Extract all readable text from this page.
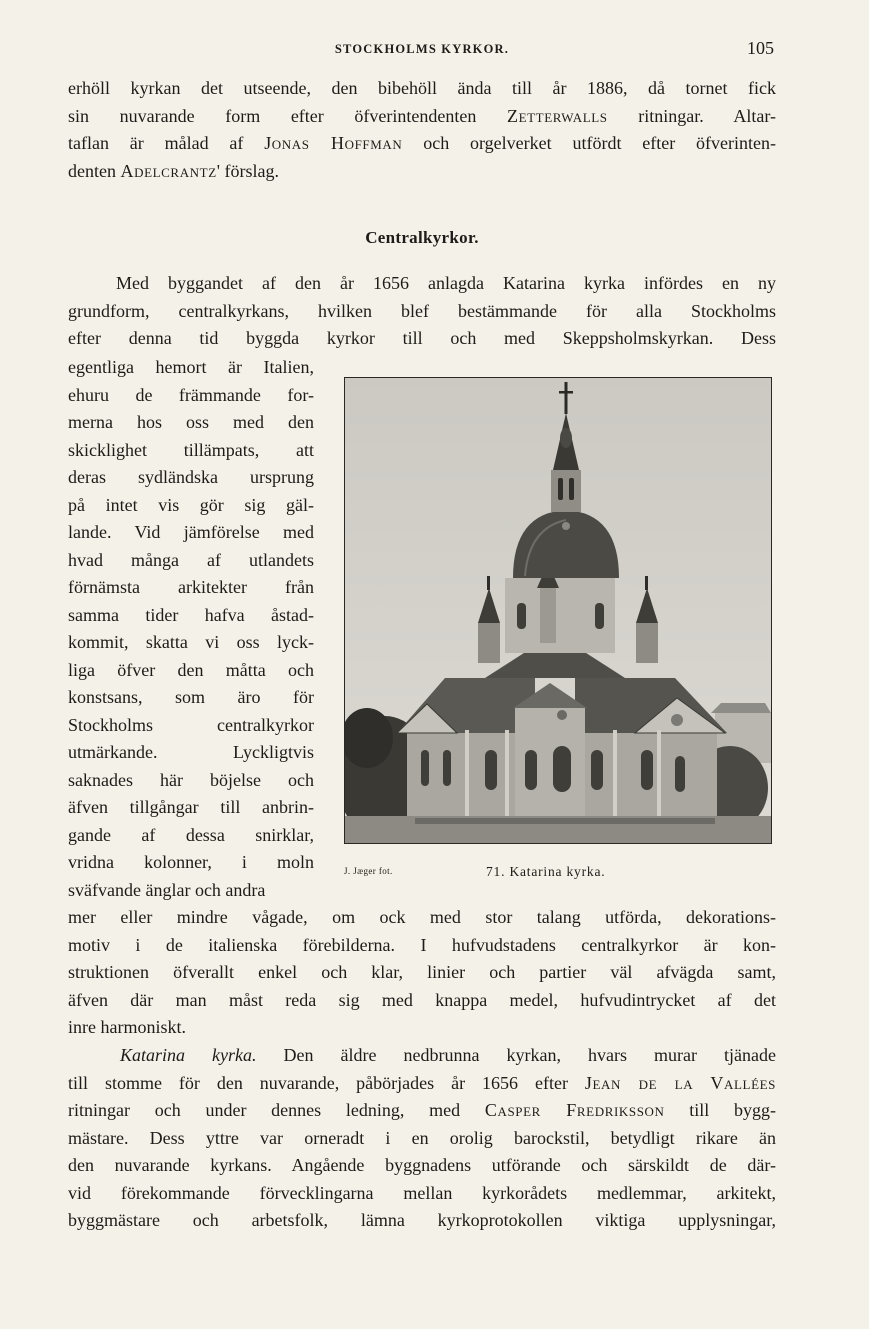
STOCKHOLMS KYRKOR.	105
erhöll kyrkan det utseende, den bibehöll ända till år 1886, då tornet fick
sin nuvarande form efter öfverintendenten Zetterwalls ritningar. Altar-
taflan är målad af Jonas Hoffman och orgelverket utfördt efter öfverinten-
denten Adelcrantz' förslag.
Centralkyrkor.
Med byggandet af den år 1656 anlagda Katarina kyrka infördes en ny
grundform, centralkyrkans, hvilken blef bestämmande för alla Stockholms
efter denna tid byggda kyrkor till och med Skeppsholmskyrkan. Dess
egentliga hemort är Italien,
ehuru de främmande for-
merna hos oss med den
skicklighet tillämpats, att
deras sydländska ursprung
på intet vis gör sig gäl-
lande. Vid jämförelse med
hvad många af utlandets
förnämsta arkitekter från
samma tider hafva åstad-
kommit, skatta vi oss lyck-
liga öfver den måtta och
konstsans, som äro för
Stockholms centralkyrkor
utmärkande. Lyckligtvis
saknades här böjelse och
äfven tillgångar till anbrin-
gande af dessa snirklar,
vridna kolonner, i moln
sväfvande änglar och andra
J. Jæger fot.	71. Katarina kyrka.
mer eller mindre vågade, om ock med stor talang utförda, dekorations-
motiv i de italienska förebilderna. I hufvudstadens centralkyrkor är kon-
struktionen öfverallt enkel och klar, linier och partier väl afvägda samt,
äfven där man måst reda sig med knappa medel, hufvudintrycket af det
inre harmoniskt.
Katarina kyrka. Den äldre nedbrunna kyrkan, hvars murar tjänade
till stomme för den nuvarande, påbörjades år 1656 efter Jean de la Vallées
ritningar och under dennes ledning, med Casper Fredriksson till bygg-
mästare. Dess yttre var orneradt i en orolig barockstil, betydligt rikare än
den nuvarande kyrkans. Angående byggnadens utförande och särskildt de där-
vid förekommande förvecklingarna mellan kyrkorådets medlemmar, arkitekt,
byggmästare och arbetsfolk, lämna kyrkoprotokollen viktiga upplysningar,
